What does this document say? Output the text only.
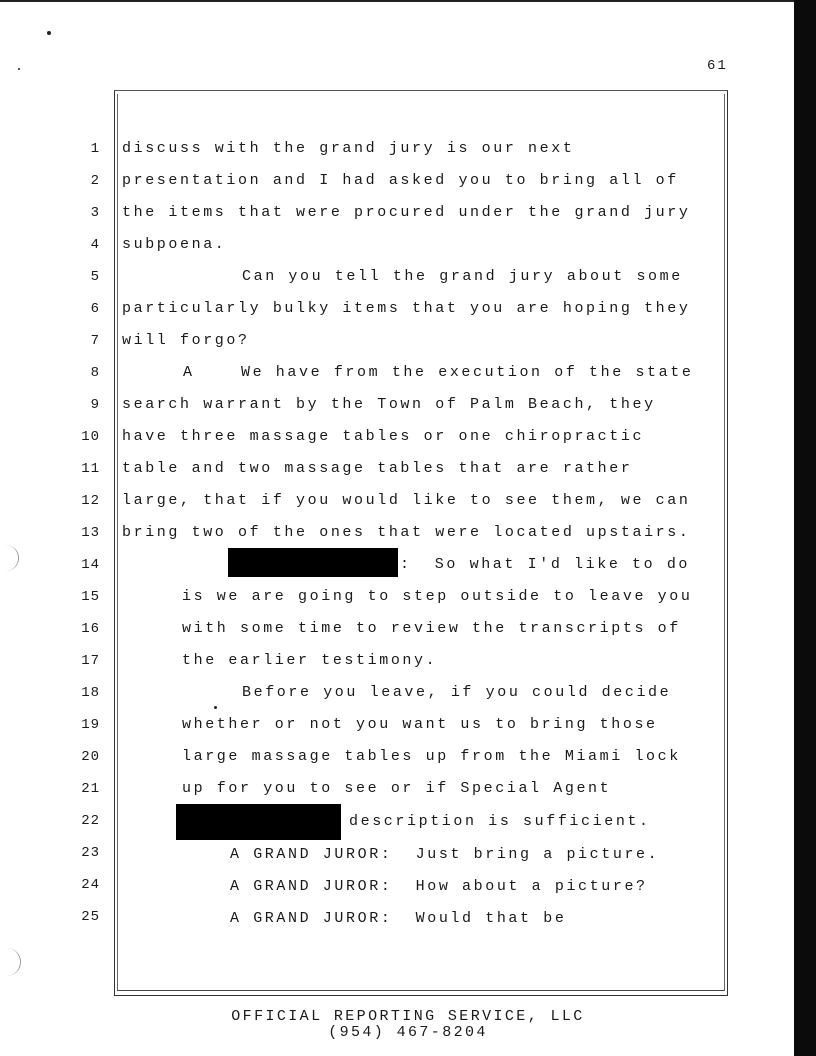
61
1
2
3
4
5
6
7
8
9
10
11
12
13
14
15
16
17
18
19
20
21
22
23
24
25
discuss with the grand jury is our next
presentation and I had asked you to bring all of
the items that were procured under the grand jury
subpoena.
Can you tell the grand jury about some
particularly bulky items that you are hoping they
will forgo?
A    We have from the execution of the state
search warrant by the Town of Palm Beach, they
have three massage tables or one chiropractic
table and two massage tables that are rather
large, that if you would like to see them, we can
bring two of the ones that were located upstairs.
:  So what I'd like to do
is we are going to step outside to leave you
with some time to review the transcripts of
the earlier testimony.
Before you leave, if you could decide
whether or not you want us to bring those
large massage tables up from the Miami lock
up for you to see or if Special Agent
description is sufficient.
A GRAND JUROR:  Just bring a picture.
A GRAND JUROR:  How about a picture?
A GRAND JUROR:  Would that be
OFFICIAL REPORTING SERVICE, LLC
(954) 467-8204
